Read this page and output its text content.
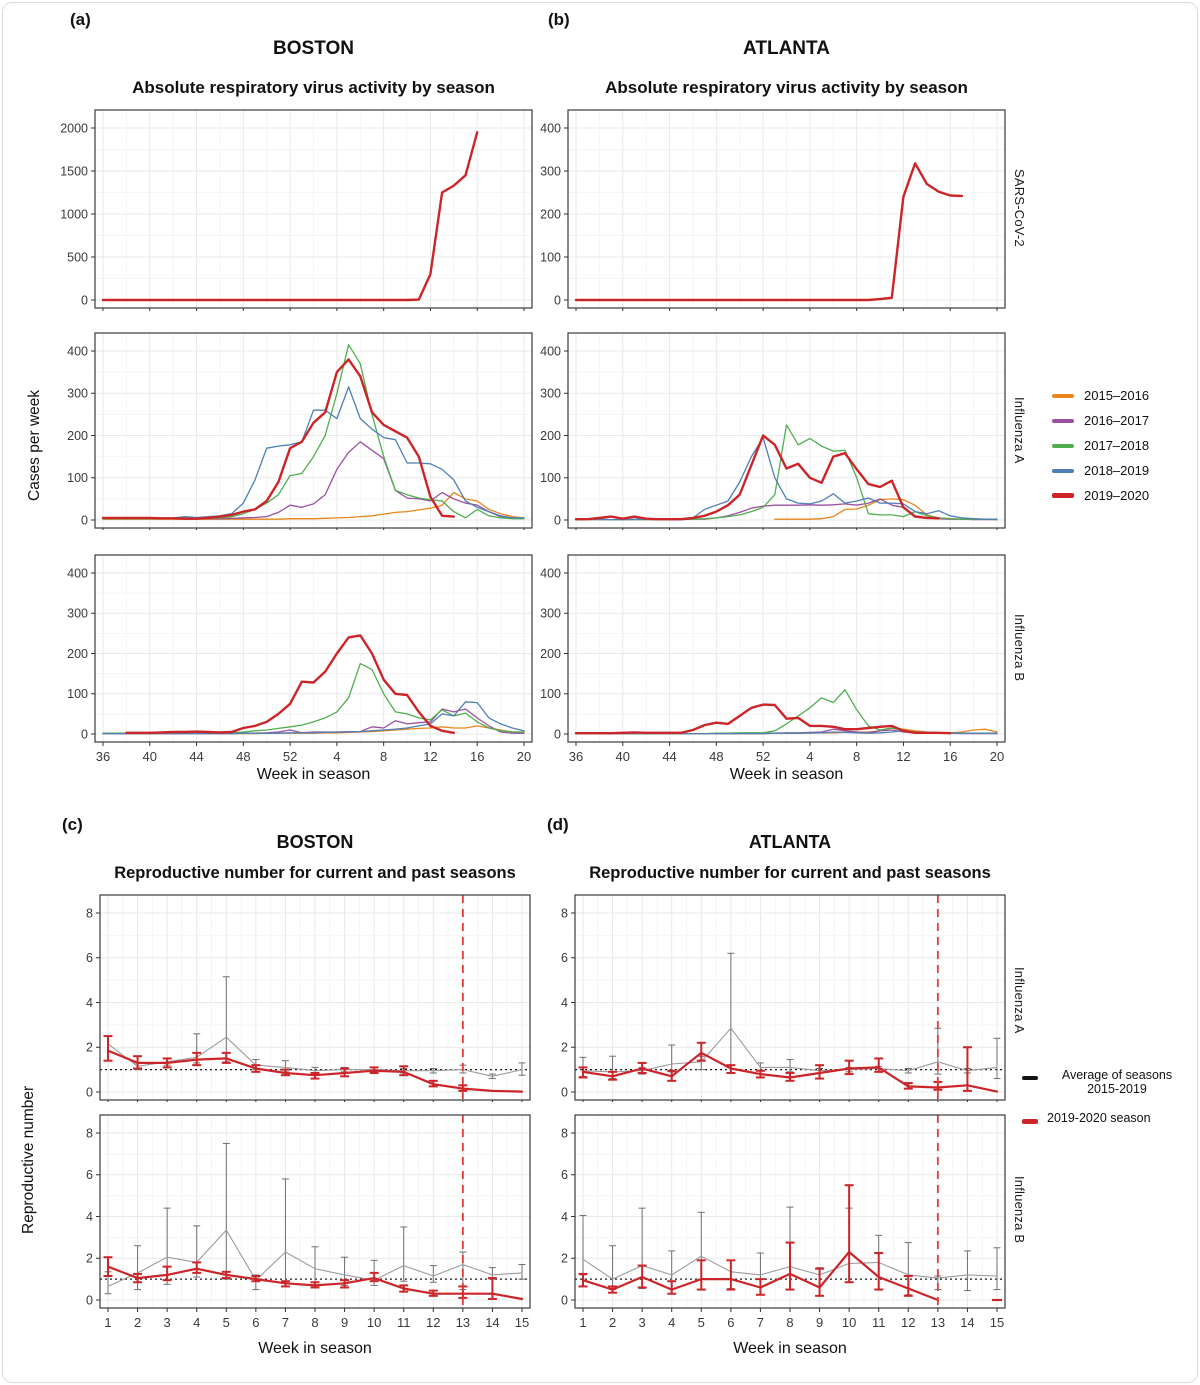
(a)	(b)
(c)	(d)
BOSTON
Absolute respiratory virus activity by season
ATLANTA
Absolute respiratory virus activity by season
BOSTON
Reproductive number for current and past seasons
ATLANTA
Reproductive number for current and past seasons
Cases per week
Reproductive number
Week in season	Week in season
Week in season	Week in season
SARS-CoV-2
Influenza A
Influenza B
Influenza A
Influenza B
0
500
1000
1500
2000
0
100
200
300
400
0
100
200
300
400
0
100
200
300
400
0
100
200
300
400
36 40 44 48 52	4	8	12 16 20
0
100
200
300
400
36 40 44 48 52	4	8	12 16 20
0
2
4
6
8
0
2
4
6
8
0
2
4
6
8
1 2 3 4 5 6 7 8 9 10 11 12 13 14 15
0
2
4
6
8
1 2 3 4 5 6 7 8 9 10 11 12 13 14 15
2015–2016
2016–2017
2017–2018
2018–2019
2019–2020
Average of seasons
2015-2019
2019-2020 season
